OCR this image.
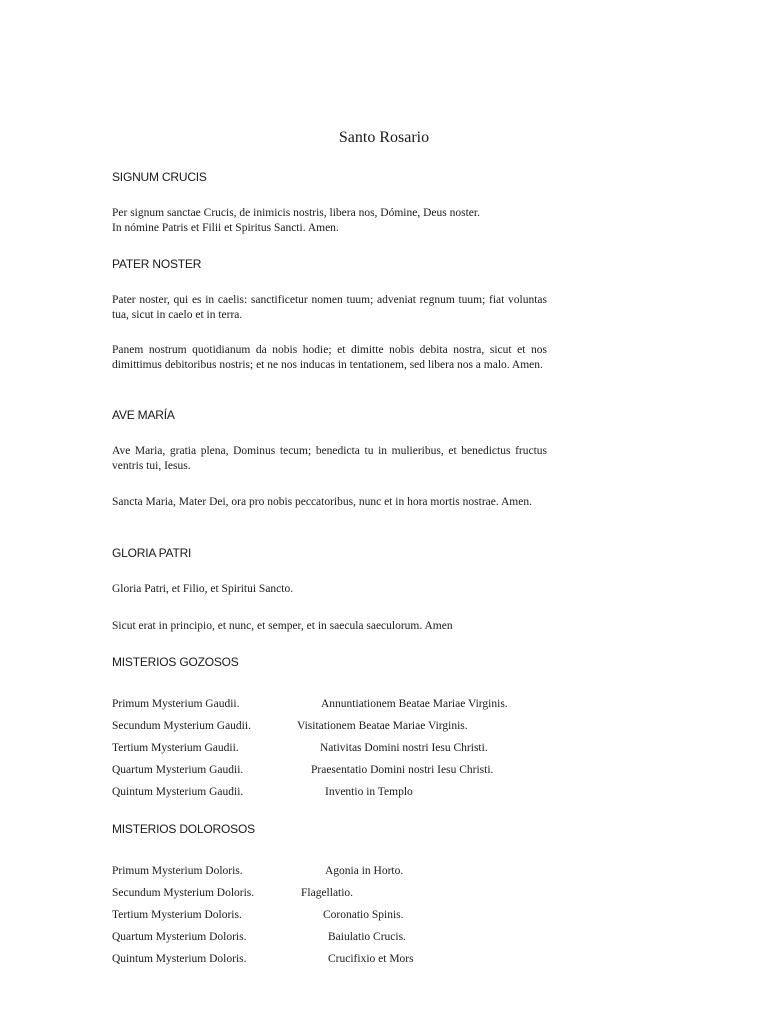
Santo Rosario
SIGNUM CRUCIS
Per signum sanctae Crucis, de inimicis nostris, libera nos, Dómine, Deus noster.
In nómine Patris et Filii et Spiritus Sancti. Amen.
PATER NOSTER
Pater noster, qui es in caelis: sanctificetur nomen tuum; adveniat regnum tuum; fiat voluntas tua, sicut in caelo et in terra.
Panem nostrum quotidianum da nobis hodie; et dimitte nobis debita nostra, sicut et nos dimittimus debitoribus nostris; et ne nos inducas in tentationem, sed libera nos a malo. Amen.
AVE MARÍA
Ave Maria, gratia plena, Dominus tecum; benedicta tu in mulieribus, et benedictus fructus ventris tui, Iesus.
Sancta Maria, Mater Dei, ora pro nobis peccatoribus, nunc et in hora mortis nostrae. Amen.
GLORIA PATRI
Gloria Patri, et Filio, et Spiritui Sancto.
Sicut erat in principio, et nunc, et semper, et in saecula saeculorum. Amen
MISTERIOS GOZOSOS
Primum Mysterium Gaudii.	Annuntiationem Beatae Mariae Virginis.
Secundum Mysterium Gaudii.	Visitationem Beatae Mariae Virginis.
Tertium Mysterium Gaudii.	Nativitas Domini nostri Iesu Christi.
Quartum Mysterium Gaudii.	Praesentatio Domini nostri Iesu Christi.
Quintum Mysterium Gaudii.	Inventio in Templo
MISTERIOS DOLOROSOS
Primum Mysterium Doloris.	Agonia in Horto.
Secundum Mysterium Doloris.	Flagellatio.
Tertium Mysterium Doloris.	Coronatio Spinis.
Quartum Mysterium Doloris.	Baiulatio Crucis.
Quintum Mysterium Doloris.	Crucifixio et Mors
